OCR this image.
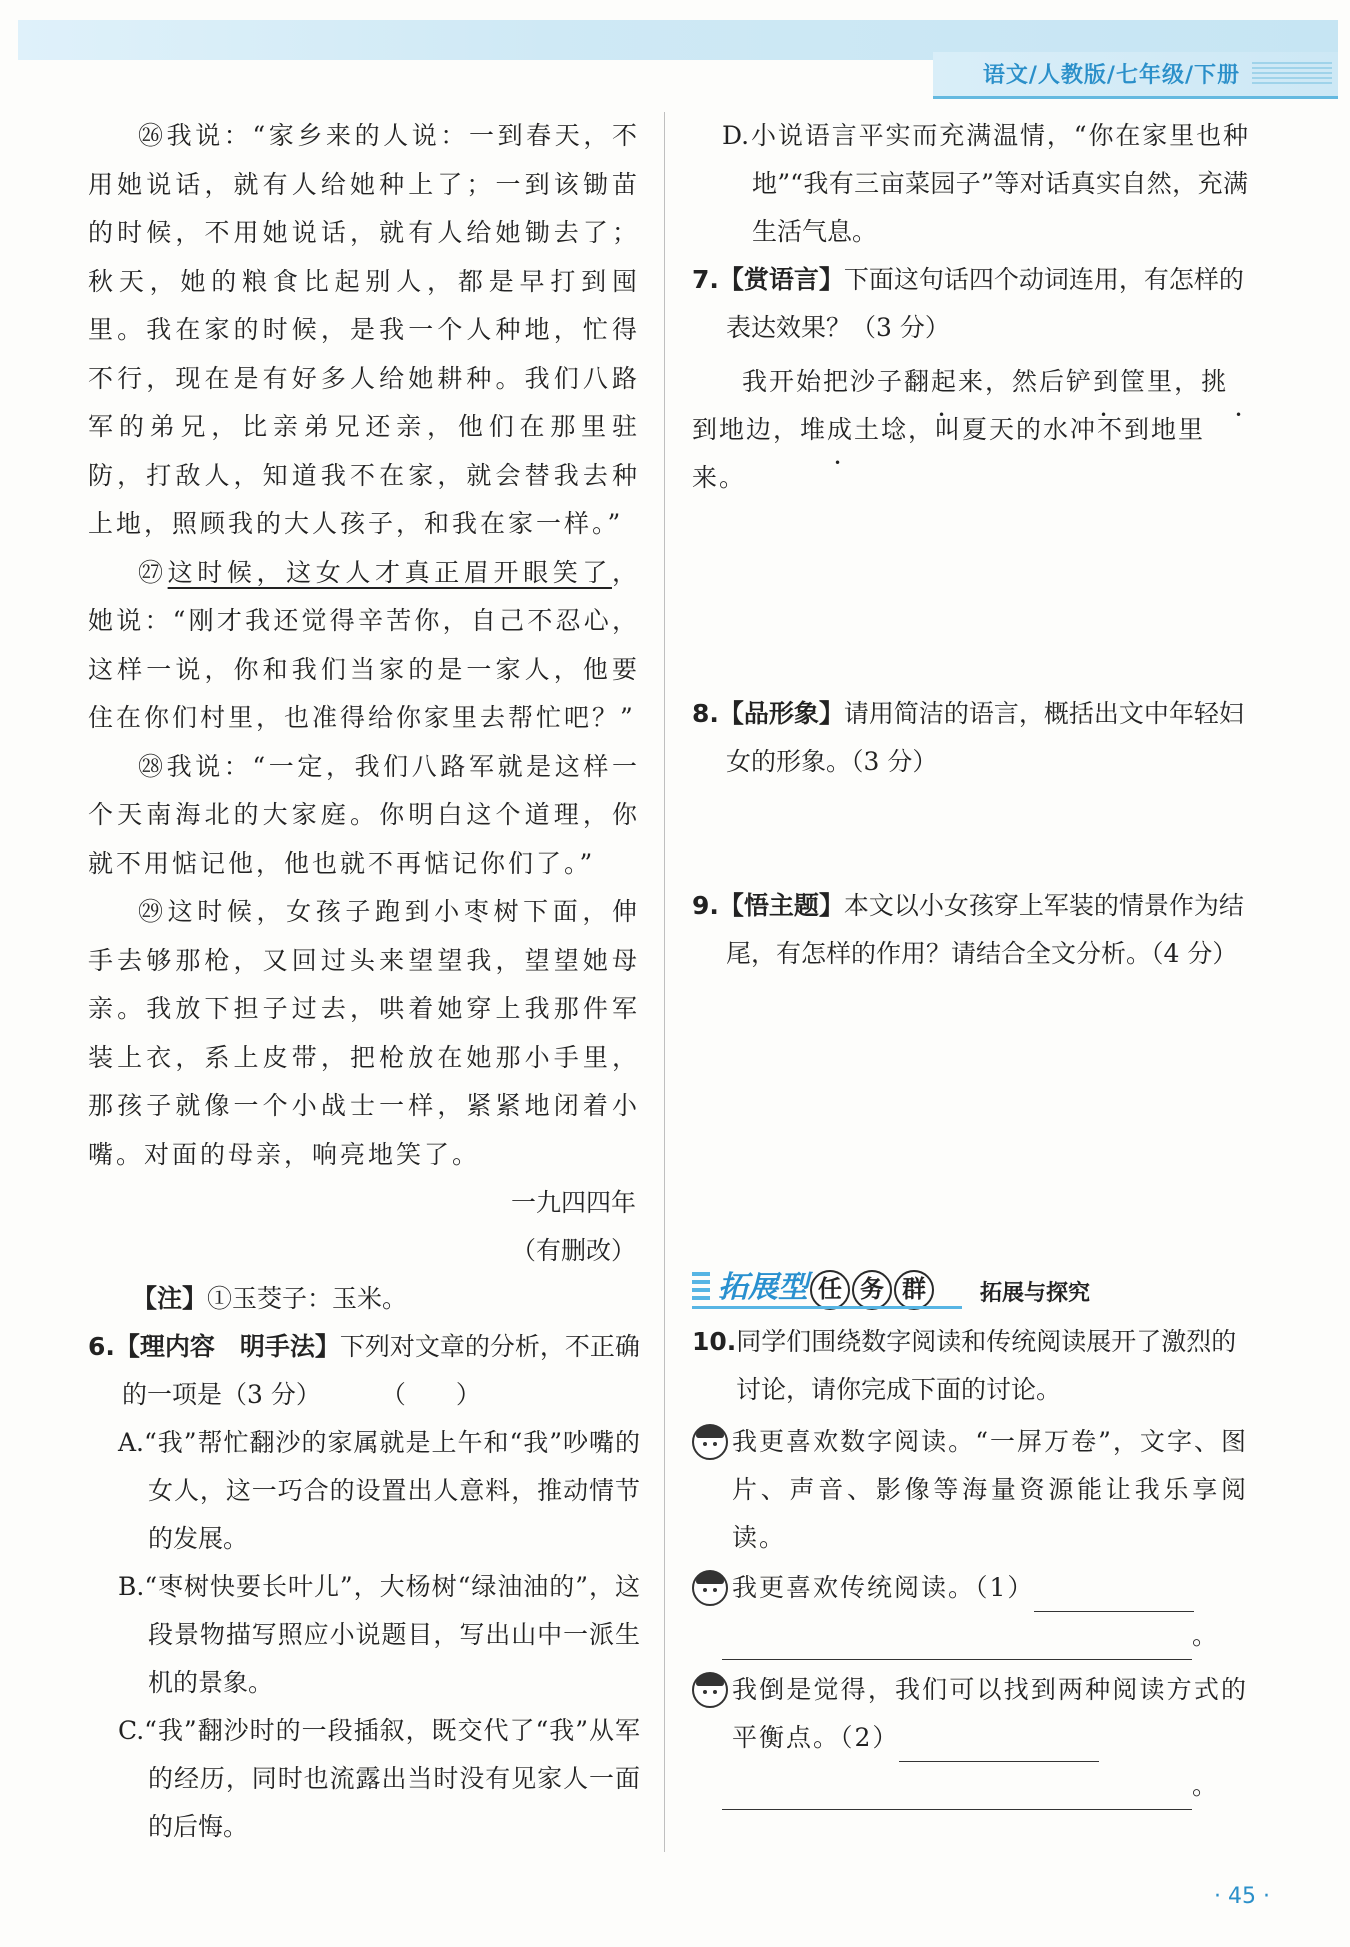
语文/人教版/七年级/下册

㉖我说：“家乡来的人说：一到春天，不用她说话，就有人给她种上了；一到该锄苗的时候，不用她说话，就有人给她锄去了；秋天，她的粮食比起别人，都是早打到囤里。我在家的时候，是我一个人种地，忙得不行，现在是有好多人给她耕种。我们八路军的弟兄，比亲弟兄还亲，他们在那里驻防，打敌人，知道我不在家，就会替我去种上地，照顾我的大人孩子，和我在家一样。”

㉗这时候，这女人才真正眉开眼笑了，她说：“刚才我还觉得辛苦你，自己不忍心，这样一说，你和我们当家的是一家人，他要住在你们村里，也准得给你家里去帮忙吧？”

㉘我说：“一定，我们八路军就是这样一个天南海北的大家庭。你明白这个道理，你就不用惦记他，他也就不再惦记你们了。”

㉙这时候，女孩子跑到小枣树下面，伸手去够那枪，又回过头来望望我，望望她母亲。我放下担子过去，哄着她穿上我那件军装上衣，系上皮带，把枪放在她那小手里，那孩子就像一个小战士一样，紧紧地闭着小嘴。对面的母亲，响亮地笑了。

一九四四年

（有删改）

【注】①玉茭子：玉米。

6.【理内容　明手法】下列对文章的分析，不正确的一项是（3 分） （　　）

A.“我”帮忙翻沙的家属就是上午和“我”吵嘴的女人，这一巧合的设置出人意料，推动情节的发展。

B.“枣树快要长叶儿”，大杨树“绿油油的”，这段景物描写照应小说题目，写出山中一派生机的景象。

C.“我”翻沙时的一段插叙，既交代了“我”从军的经历，同时也流露出当时没有见家人一面的后悔。

D.小说语言平实而充满温情，“你在家里也种地”“我有三亩菜园子”等对话真实自然，充满生活气息。

7.【赏语言】下面这句话四个动词连用，有怎样的表达效果？（3 分）

我开始把沙子翻起来，然后铲到筐里，挑到地边，堆成土埝，叫夏天的水冲不到地里来。

8.【品形象】请用简洁的语言，概括出文中年轻妇女的形象。（3 分）

9.【悟主题】本文以小女孩穿上军装的情景作为结尾，有怎样的作用？请结合全文分析。（4 分）

拓展型 任 务 群	拓展与探究

10.同学们围绕数字阅读和传统阅读展开了激烈的讨论，请你完成下面的讨论。

我更喜欢数字阅读。“一屏万卷”，文字、图片、声音、影像等海量资源能让我乐享阅读。

我更喜欢传统阅读。（1）

。

我倒是觉得，我们可以找到两种阅读方式的平衡点。（2）

。

· 45 ·
